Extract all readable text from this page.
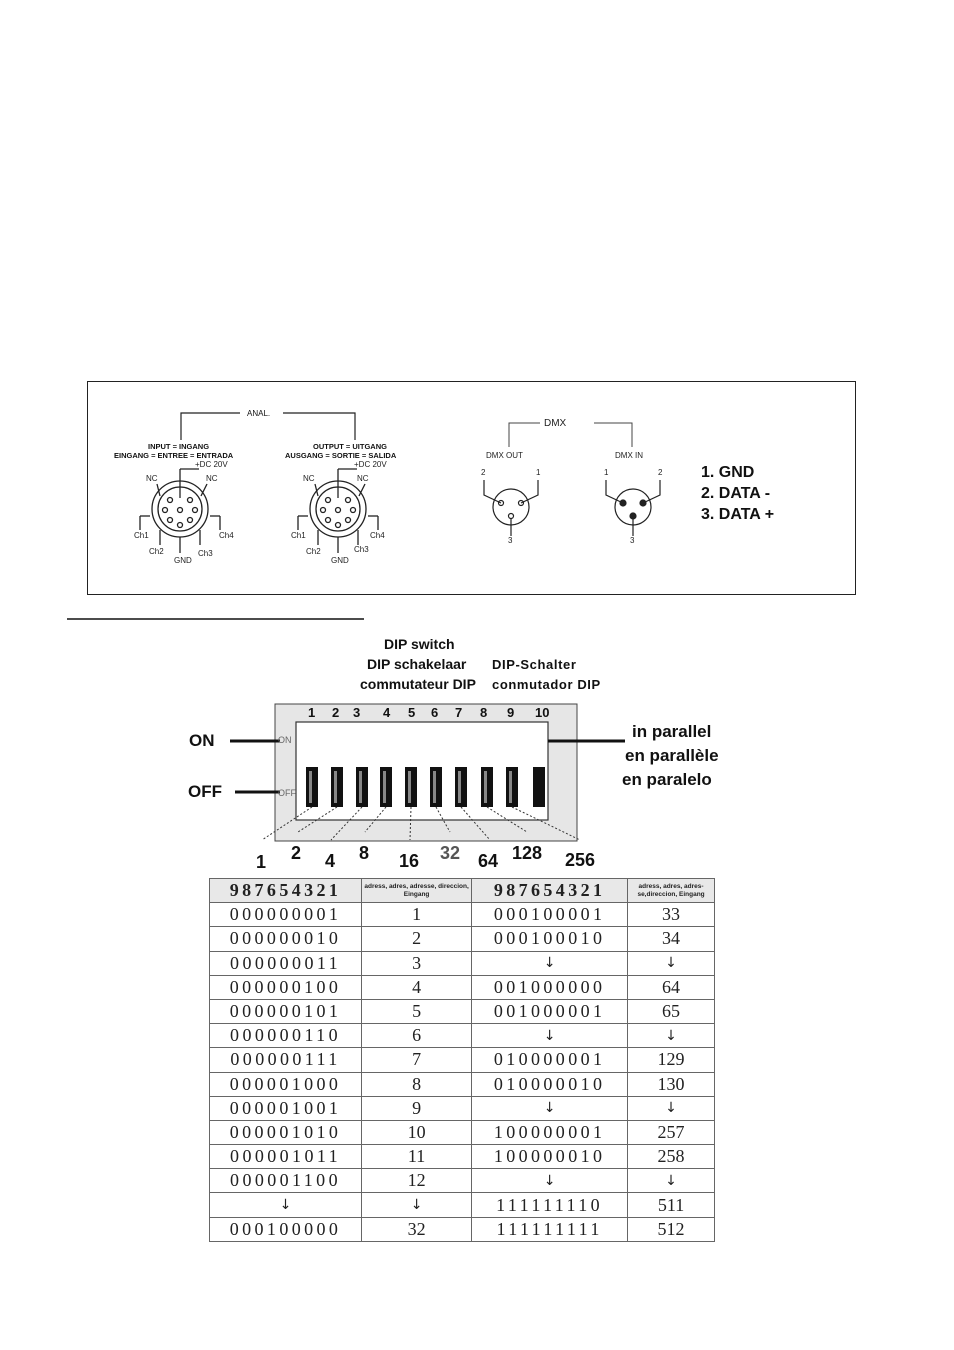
ANAL.
INPUT = INGANG
EINGANG = ENTREE = ENTRADA
OUTPUT = UITGANG
AUSGANG = SORTIE = SALIDA
+DC 20V
NC	NC
Ch1
Ch2	Ch3
Ch4
GND
+DC 20V
NC	NC
Ch1
Ch2	Ch3
Ch4
GND
DMX
DMX OUT	DMX IN
2	1
3
1	2
3
1. GND
2. DATA -
3. DATA +
DIP switch
DIP schakelaar
commutateur DIP
DIP-Schalter
conmutador DIP
ON
OFF
in parallel
en parallèle
en paralelo
ON
OFF
1 2 3 4 5 6 7 8 9 10
1 2 4 8 16 32 64 128 256
987654321	adress, adres, adresse, direccion, Eingang	987654321	adress, adres, adres-se,direccion, Eingang
000000001	1	000100001	33
000000010	2	000100010	34
000000011	3	↓	↓
000000100	4	001000000	64
000000101	5	001000001	65
000000110	6	↓	↓
000000111	7	010000001	129
000001000	8	010000010	130
000001001	9	↓	↓
000001010	10	100000001	257
000001011	11	100000010	258
000001100	12	↓	↓
↓	↓	111111110	511
000100000	32	111111111	512
